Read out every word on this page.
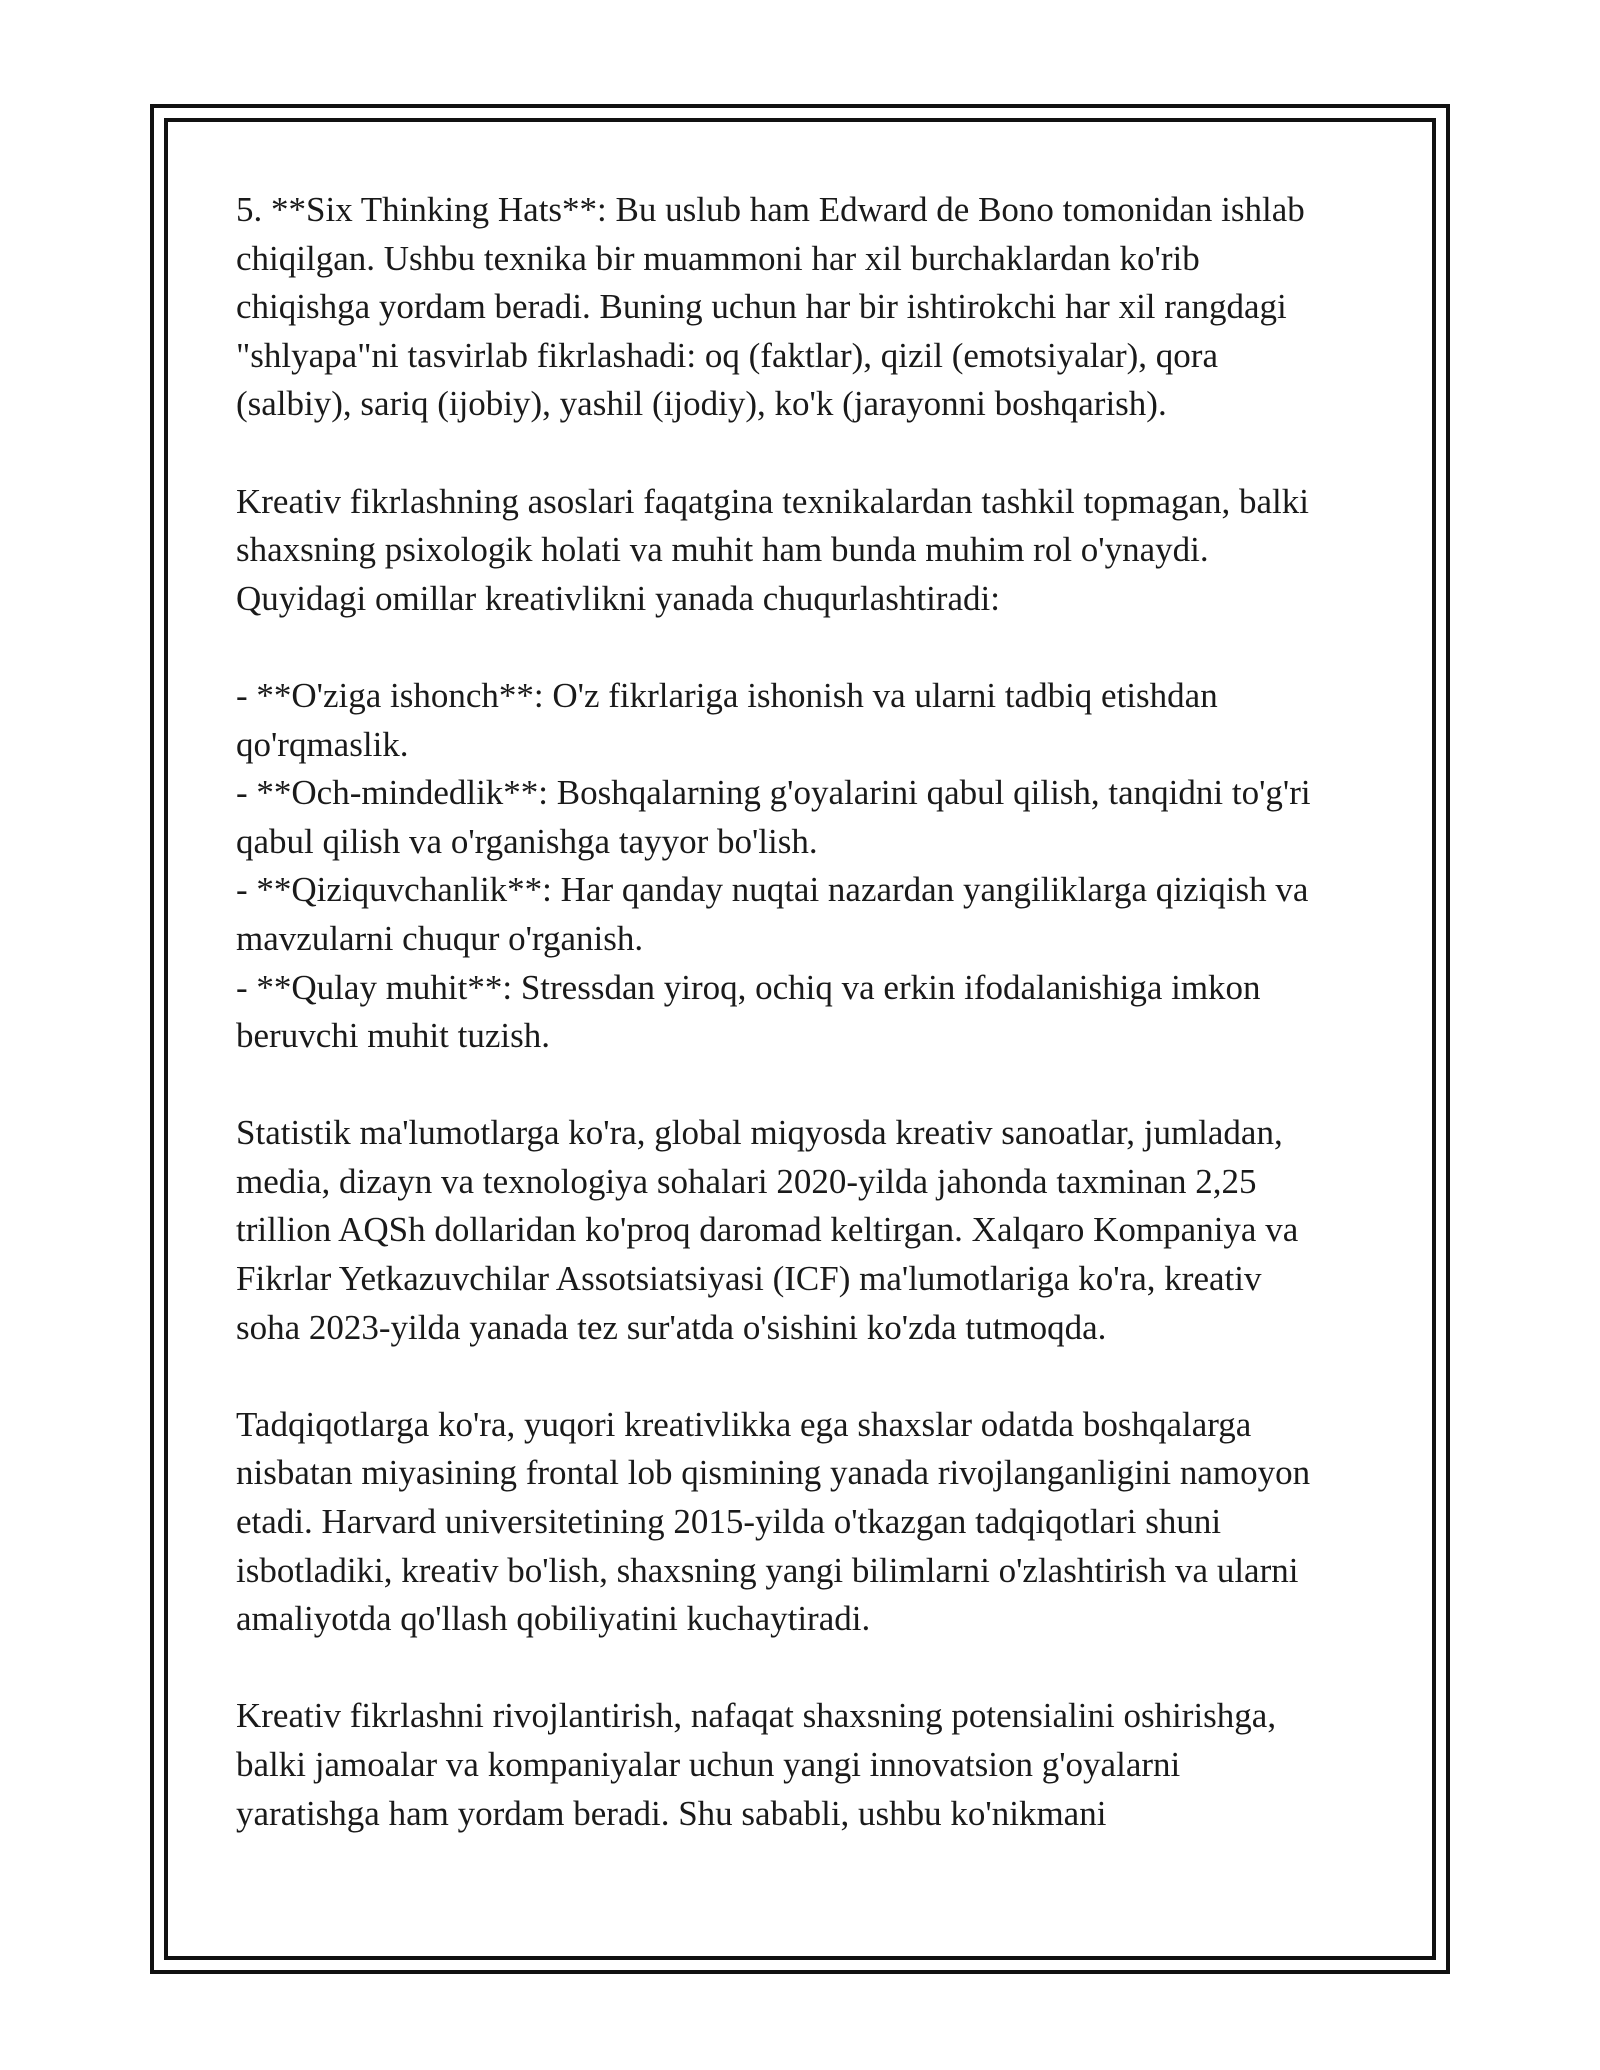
5. **Six Thinking Hats**: Bu uslub ham Edward de Bono tomonidan ishlab
chiqilgan. Ushbu texnika bir muammoni har xil burchaklardan ko'rib
chiqishga yordam beradi. Buning uchun har bir ishtirokchi har xil rangdagi
"shlyapa"ni tasvirlab fikrlashadi: oq (faktlar), qizil (emotsiyalar), qora
(salbiy), sariq (ijobiy), yashil (ijodiy), ko'k (jarayonni boshqarish).

Kreativ fikrlashning asoslari faqatgina texnikalardan tashkil topmagan, balki
shaxsning psixologik holati va muhit ham bunda muhim rol o'ynaydi.
Quyidagi omillar kreativlikni yanada chuqurlashtiradi:

- **O'ziga ishonch**: O'z fikrlariga ishonish va ularni tadbiq etishdan
qo'rqmaslik.

- **Och-mindedlik**: Boshqalarning g'oyalarini qabul qilish, tanqidni to'g'ri
qabul qilish va o'rganishga tayyor bo'lish.

- **Qiziquvchanlik**: Har qanday nuqtai nazardan yangiliklarga qiziqish va
mavzularni chuqur o'rganish.

- **Qulay muhit**: Stressdan yiroq, ochiq va erkin ifodalanishiga imkon
beruvchi muhit tuzish.

Statistik ma'lumotlarga ko'ra, global miqyosda kreativ sanoatlar, jumladan,
media, dizayn va texnologiya sohalari 2020-yilda jahonda taxminan 2,25
trillion AQSh dollaridan ko'proq daromad keltirgan. Xalqaro Kompaniya va
Fikrlar Yetkazuvchilar Assotsiatsiyasi (ICF) ma'lumotlariga ko'ra, kreativ
soha 2023-yilda yanada tez sur'atda o'sishini ko'zda tutmoqda.

Tadqiqotlarga ko'ra, yuqori kreativlikka ega shaxslar odatda boshqalarga
nisbatan miyasining frontal lob qismining yanada rivojlanganligini namoyon
etadi. Harvard universitetining 2015-yilda o'tkazgan tadqiqotlari shuni
isbotladiki, kreativ bo'lish, shaxsning yangi bilimlarni o'zlashtirish va ularni
amaliyotda qo'llash qobiliyatini kuchaytiradi.

Kreativ fikrlashni rivojlantirish, nafaqat shaxsning potensialini oshirishga,
balki jamoalar va kompaniyalar uchun yangi innovatsion g'oyalarni
yaratishga ham yordam beradi. Shu sababli, ushbu ko'nikmani
